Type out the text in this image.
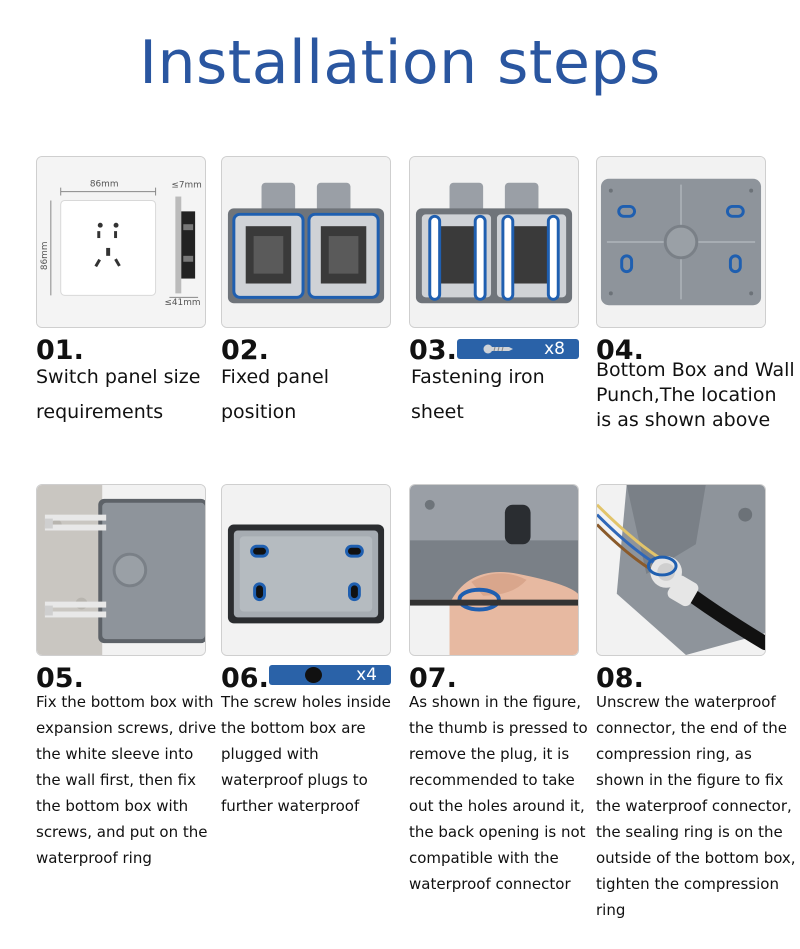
Installation steps
86mm
86mm
≤7mm
≤41mm
01.	02.	03.	x8 04.
Switch panel size requirements
Fixed panel position
Fastening iron sheet
Bottom Box and Wall Punch,The location is as shown above
05.	06.	x4 07.	08.
Fix the bottom box with expansion screws, drive the white sleeve into the wall first, then fix the bottom box with screws, and put on the waterproof ring
The screw holes inside the bottom box are plugged with waterproof plugs to further waterproof
As shown in the figure, the thumb is pressed to remove the plug, it is recommended to take out the holes around it, the back opening is not compatible with the waterproof connector
Unscrew the waterproof connector, the end of the compression ring, as shown in the figure to fix the waterproof connector, the sealing ring is on the outside of the bottom box, tighten the compression ring
